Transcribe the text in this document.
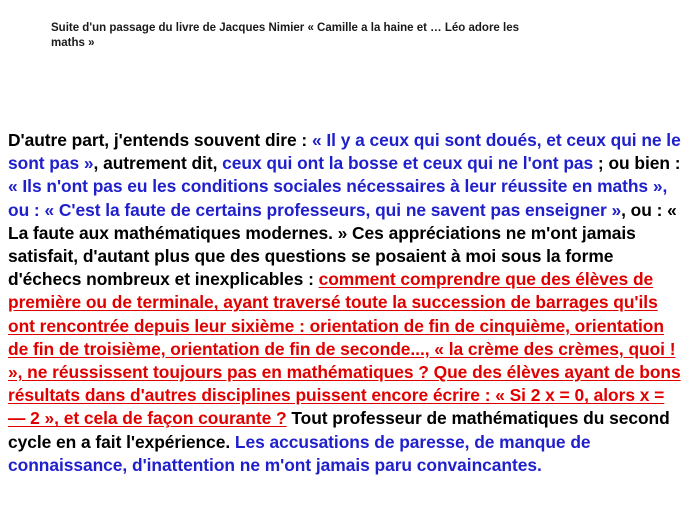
Suite d'un passage du livre de Jacques Nimier « Camille a la haine et … Léo adore les
maths »
D'autre part, j'entends souvent dire : « Il y a ceux qui sont doués, et ceux qui ne le sont pas », autrement dit, ceux qui ont la bosse et ceux qui ne l'ont pas ; ou bien : « Ils n'ont pas eu les conditions sociales nécessaires à leur réussite en maths », ou : « C'est la faute de certains professeurs, qui ne savent pas enseigner », ou : « La faute aux mathématiques modernes. » Ces appréciations ne m'ont jamais satisfait, d'autant plus que des questions se posaient à moi sous la forme d'échecs nombreux et inexplicables : comment comprendre que des élèves de première ou de terminale, ayant traversé toute la succession de barrages qu'ils ont rencontrée depuis leur sixième : orientation de fin de cinquième, orientation de fin de troisième, orientation de fin de seconde..., « la crème des crèmes, quoi ! », ne réussissent toujours pas en mathématiques ? Que des élèves ayant de bons résultats dans d'autres disciplines puissent encore écrire : « Si 2 x = 0, alors x = — 2 », et cela de façon courante ? Tout professeur de mathématiques du second cycle en a fait l'expérience. Les accusations de paresse, de manque de connaissance, d'inattention ne m'ont jamais paru convaincantes.
